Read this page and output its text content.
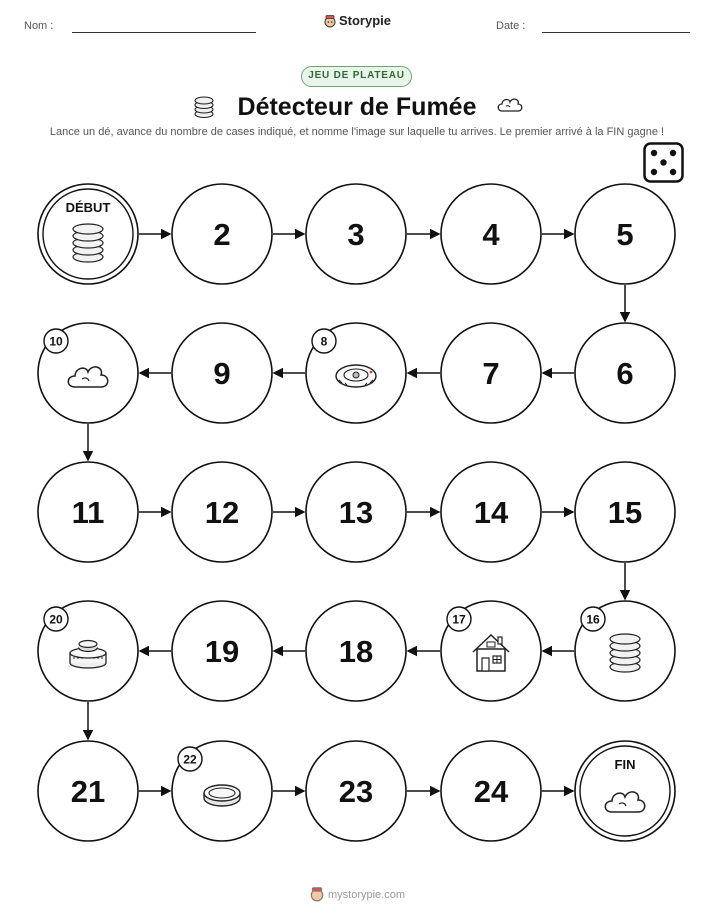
Nom :	Storypie	Date :
JEU DE PLATEAU
Détecteur de Fumée
Lance un dé, avance du nombre de cases indiqué, et nomme l'image sur laquelle tu arrives. Le premier arrivé à la FIN gagne !
DÉBUT
2	3	4	5
6
7
8
9
10
11	12	13	14	15
16
17
18
19
20
21
22
23	24
FIN
mystorypie.com
